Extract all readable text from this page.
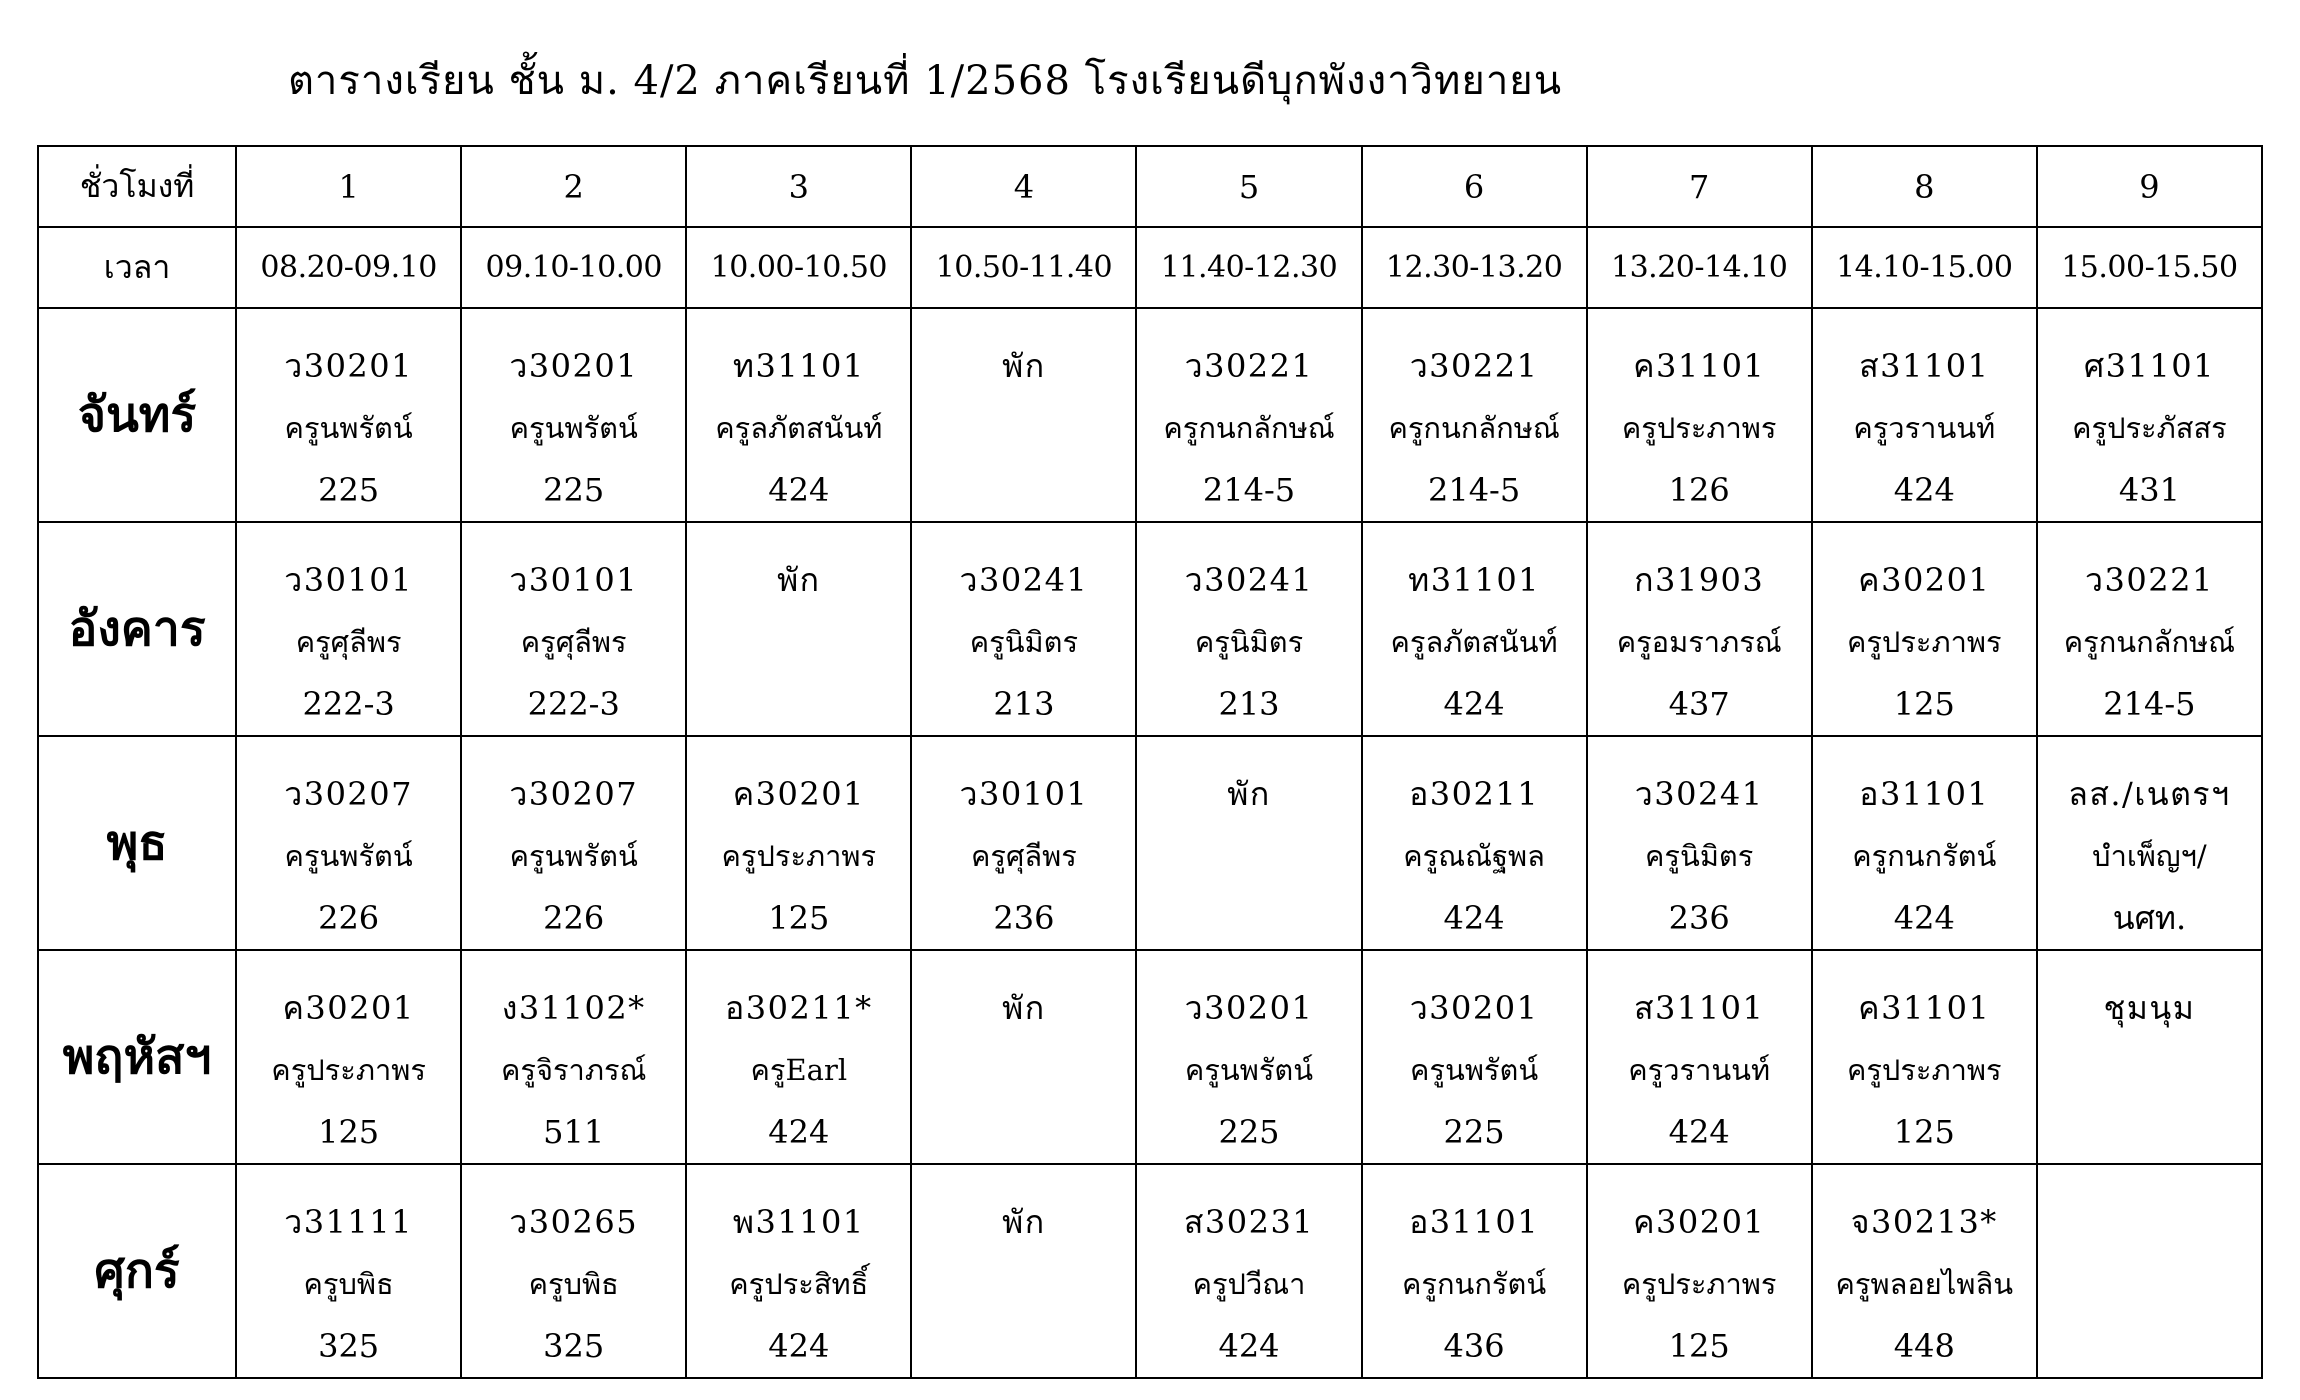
ตารางเรียน ชั้น ม. 4/2 ภาคเรียนที่ 1/2568 โรงเรียนดีบุกพังงาวิทยายน
ชั่วโมงที่	1	2	3	4	5	6	7	8	9
เวลา	08.20-09.10	09.10-10.00	10.00-10.50	10.50-11.40	11.40-12.30	12.30-13.20	13.20-14.10	14.10-15.00	15.00-15.50
จันทร์	ว30201
ครูนพรัตน์
225	ว30201
ครูนพรัตน์
225	ท31101
ครูลภัตสนันท์
424	พัก	ว30221
ครูกนกลักษณ์
214-5	ว30221
ครูกนกลักษณ์
214-5	ค31101
ครูประภาพร
126	ส31101
ครูวรานนท์
424	ศ31101
ครูประภัสสร
431

อังคาร	ว30101
ครูศุลีพร
222-3	ว30101
ครูศุลีพร
222-3	พัก	ว30241
ครูนิมิตร
213	ว30241
ครูนิมิตร
213	ท31101
ครูลภัตสนันท์
424	ก31903
ครูอมราภรณ์
437	ค30201
ครูประภาพร
125	ว30221
ครูกนกลักษณ์
214-5

พุธ	ว30207
ครูนพรัตน์
226	ว30207
ครูนพรัตน์
226	ค30201
ครูประภาพร
125	ว30101
ครูศุลีพร
236	พัก	อ30211
ครูณณัฐพล
424	ว30241
ครูนิมิตร
236	อ31101
ครูกนกรัตน์
424	ลส./เนตรฯ
บำเพ็ญฯ/
นศท.

พฤหัสฯ	ค30201
ครูประภาพร
125	ง31102*
ครูจิราภรณ์
511	อ30211*
ครูEarl
424	พัก	ว30201
ครูนพรัตน์
225	ว30201
ครูนพรัตน์
225	ส31101
ครูวรานนท์
424	ค31101
ครูประภาพร
125	ชุมนุม

ศุกร์	ว31111
ครูบพิธ
325	ว30265
ครูบพิธ
325	พ31101
ครูประสิทธิ์
424	พัก	ส30231
ครูปวีณา
424	อ31101
ครูกนกรัตน์
436	ค30201
ครูประภาพร
125	จ30213*
ครูพลอยไพลิน
448	
